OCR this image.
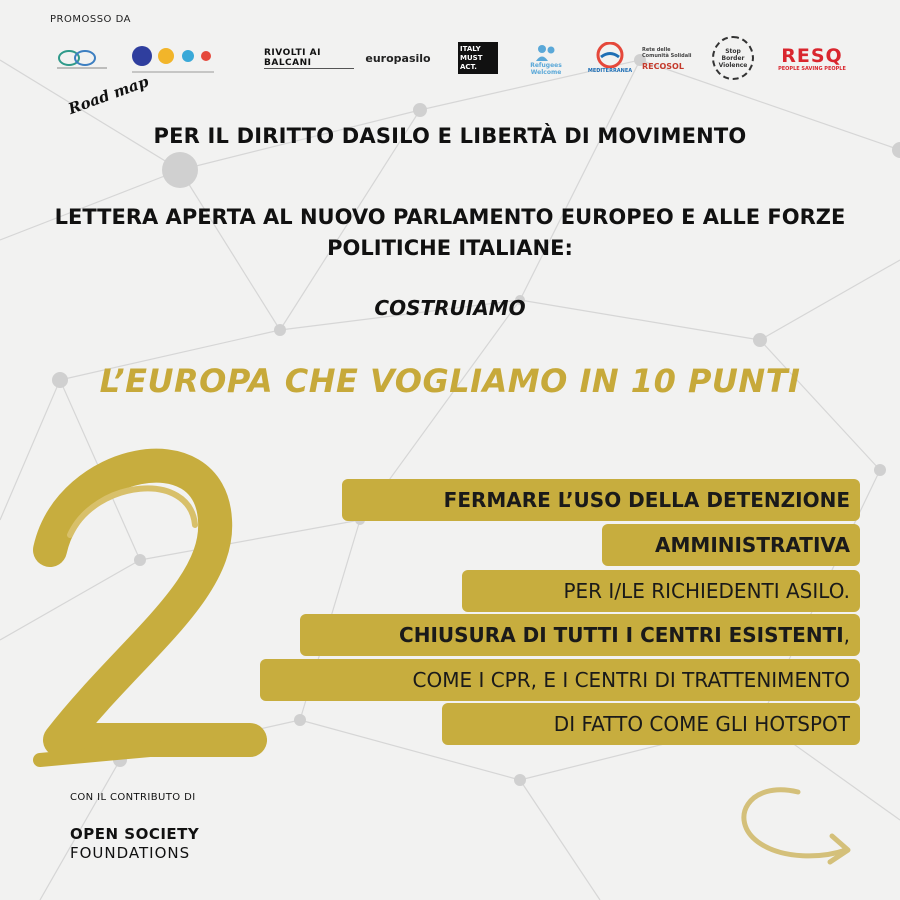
PROMOSSO DA
RIVOLTI AI BALCANI	europasilo
ITALY MUST ACT.	Refugees Welcome	MEDITERRANEA
Rete delle Comunità Solidali
RECOSOL
Stop Border Violence RESQ
PEOPLE SAVING PEOPLE
Road map
PER IL DIRITTO DASILO E LIBERTÀ DI MOVIMENTO
LETTERA APERTA AL NUOVO PARLAMENTO EUROPEO E ALLE FORZE POLITICHE ITALIANE:
COSTRUIAMO
L’EUROPA CHE VOGLIAMO IN 10 PUNTI
FERMARE L’USO DELLA DETENZIONE
AMMINISTRATIVA
PER I/LE RICHIEDENTI ASILO.
CHIUSURA DI TUTTI I CENTRI ESISTENTI ,
COME I CPR, E I CENTRI DI TRATTENIMENTO
DI FATTO COME GLI HOTSPOT
CON IL CONTRIBUTO DI
OPEN SOCIETY
FOUNDATIONS
